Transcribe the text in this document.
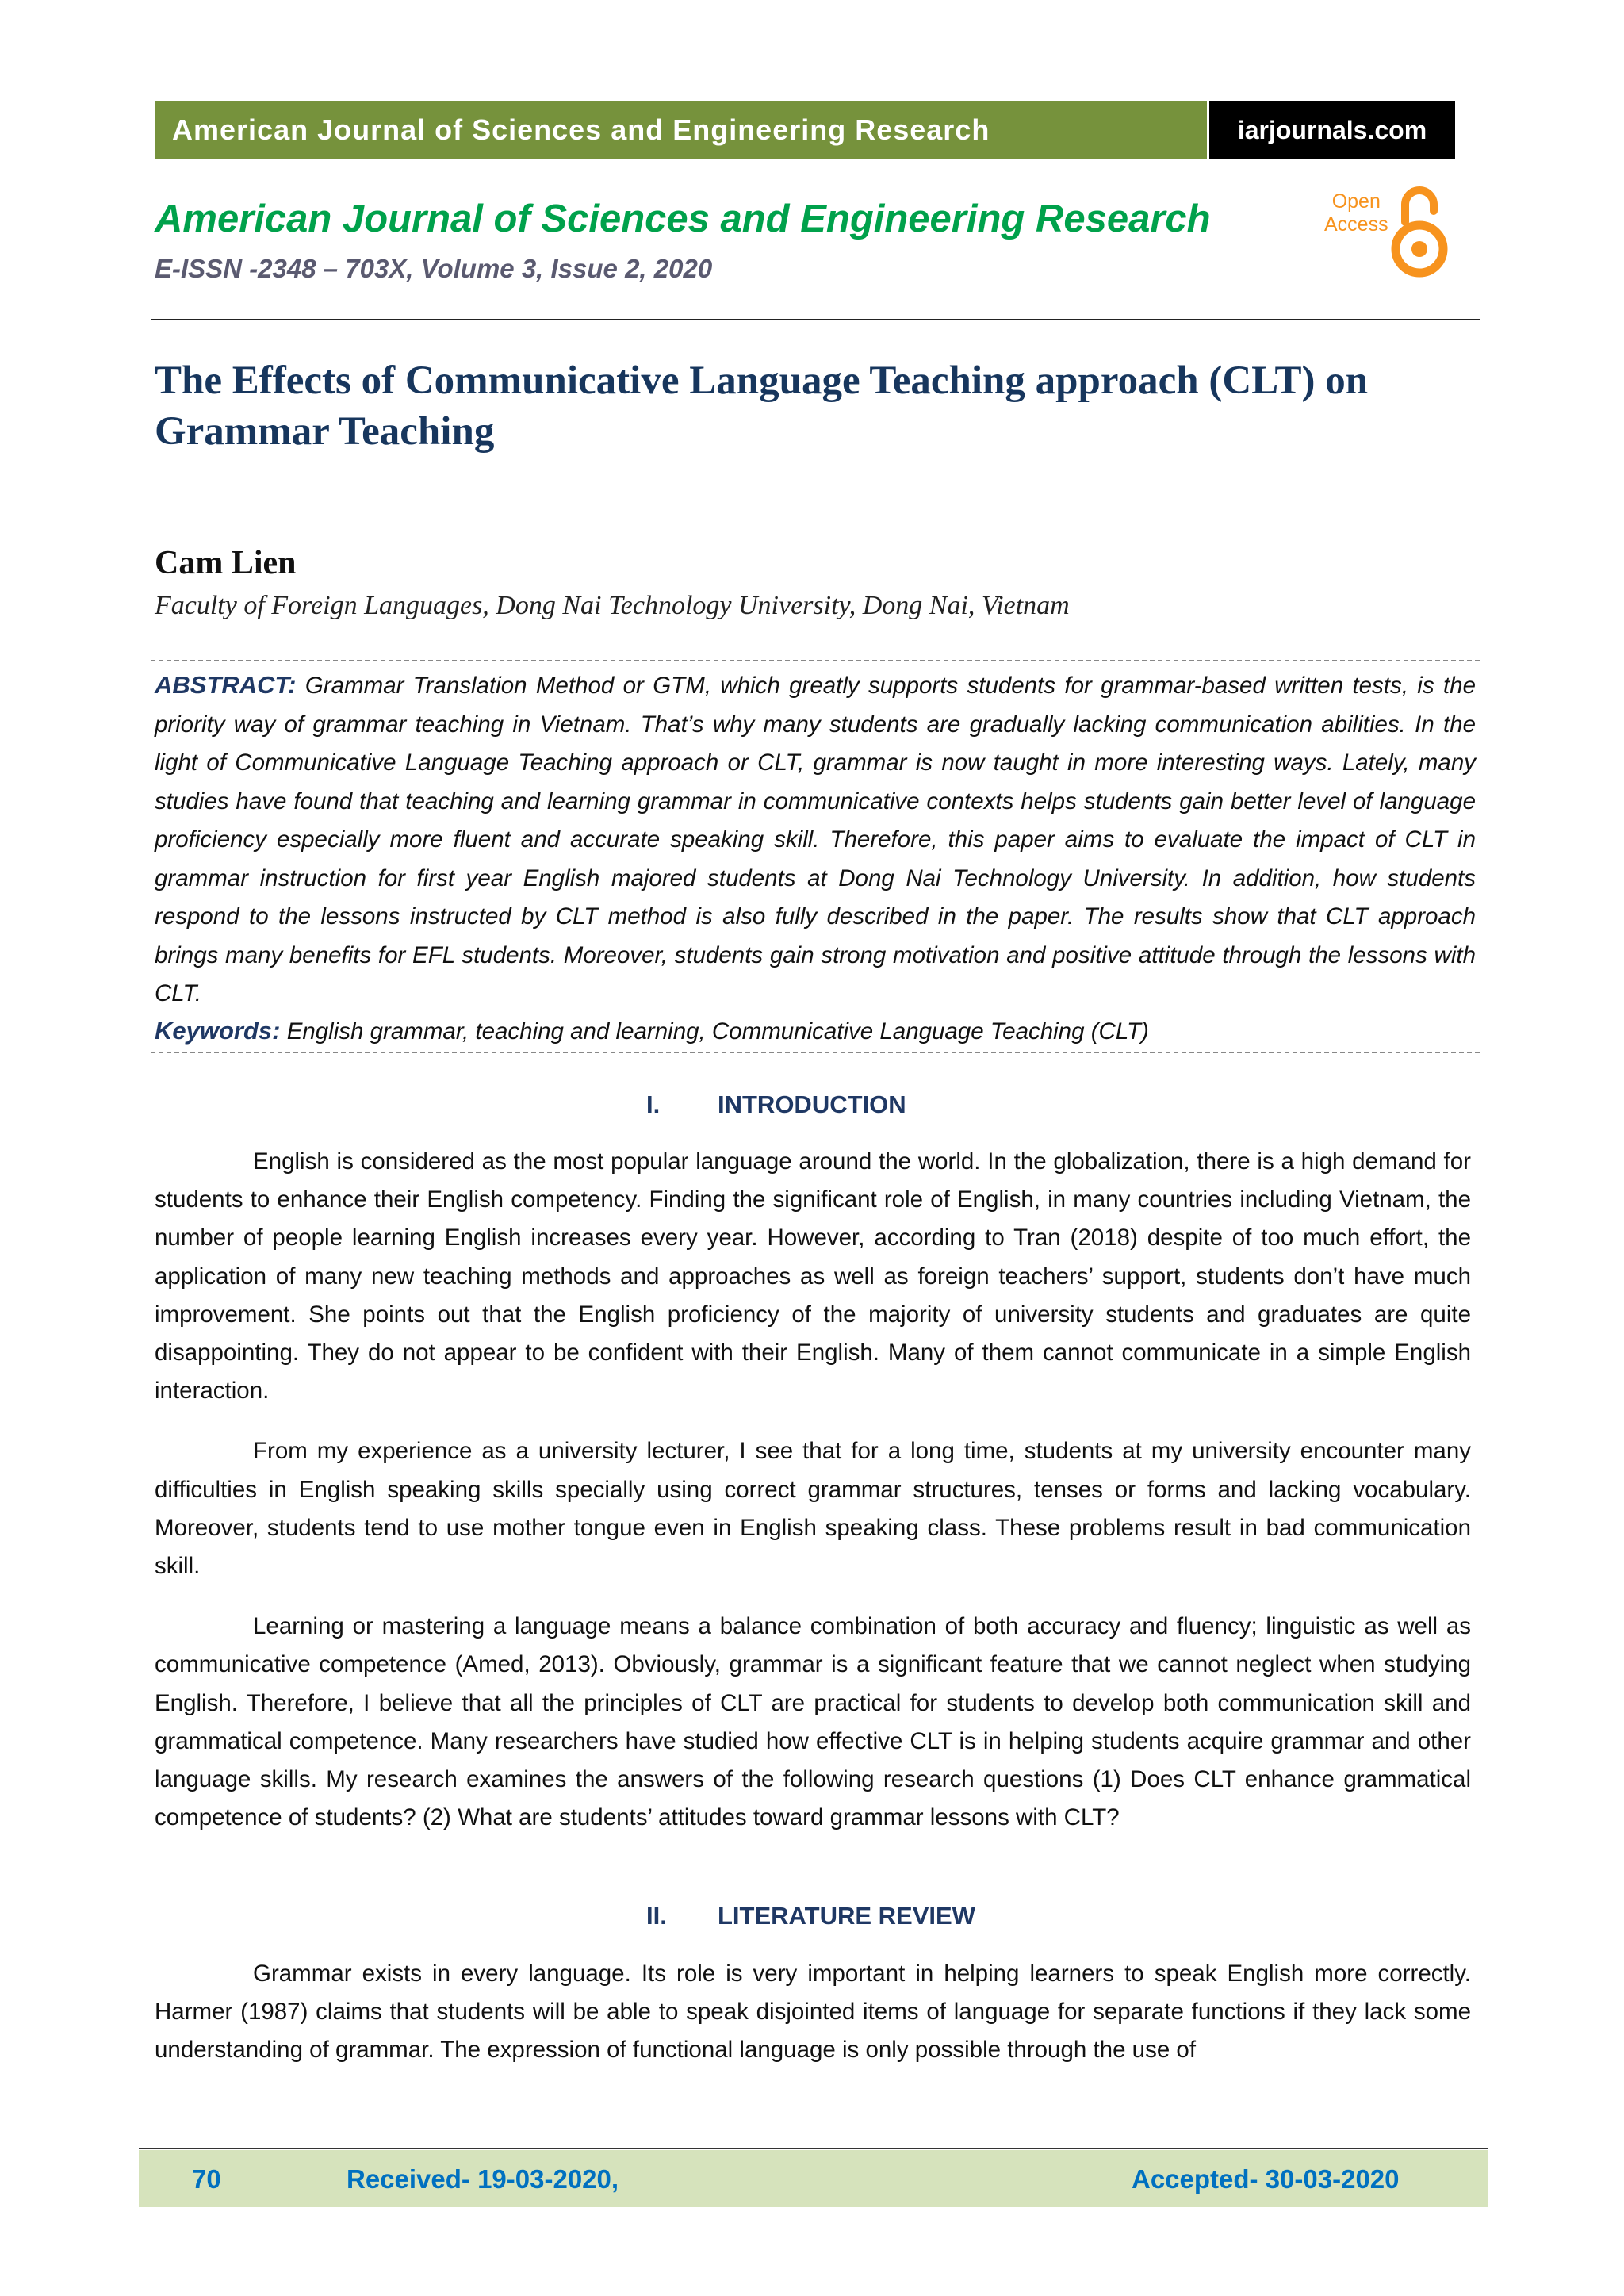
American Journal of Sciences and Engineering Research	iarjournals.com
American Journal of Sciences and Engineering Research
E-ISSN -2348 – 703X, Volume 3, Issue 2, 2020
Open
Access
The Effects of Communicative Language Teaching approach (CLT) on Grammar Teaching
Cam Lien
Faculty of Foreign Languages, Dong Nai Technology University, Dong Nai, Vietnam
ABSTRACT: Grammar Translation Method or GTM, which greatly supports students for grammar-based written tests, is the priority way of grammar teaching in Vietnam. That’s why many students are gradually lacking communication abilities. In the light of Communicative Language Teaching approach or CLT, grammar is now taught in more interesting ways. Lately, many studies have found that teaching and learning grammar in communicative contexts helps students gain better level of language proficiency especially more fluent and accurate speaking skill. Therefore, this paper aims to evaluate the impact of CLT in grammar instruction for first year English majored students at Dong Nai Technology University. In addition, how students respond to the lessons instructed by CLT method is also fully described in the paper. The results show that CLT approach brings many benefits for EFL students. Moreover, students gain strong motivation and positive attitude through the lessons with CLT.
Keywords: English grammar, teaching and learning, Communicative Language Teaching (CLT)
I. INTRODUCTION

English is considered as the most popular language around the world. In the globalization, there is a high demand for students to enhance their English competency. Finding the significant role of English, in many countries including Vietnam, the number of people learning English increases every year. However, according to Tran (2018) despite of too much effort, the application of many new teaching methods and approaches as well as foreign teachers’ support, students don’t have much improvement. She points out that the English proficiency of the majority of university students and graduates are quite disappointing. They do not appear to be confident with their English. Many of them cannot communicate in a simple English interaction.

From my experience as a university lecturer, I see that for a long time, students at my university encounter many difficulties in English speaking skills specially using correct grammar structures, tenses or forms and lacking vocabulary. Moreover, students tend to use mother tongue even in English speaking class. These problems result in bad communication skill.

Learning or mastering a language means a balance combination of both accuracy and fluency; linguistic as well as communicative competence (Amed, 2013). Obviously, grammar is a significant feature that we cannot neglect when studying English. Therefore, I believe that all the principles of CLT are practical for students to develop both communication skill and grammatical competence. Many researchers have studied how effective CLT is in helping students acquire grammar and other language skills. My research examines the answers of the following research questions (1) Does CLT enhance grammatical competence of students? (2) What are students’ attitudes toward grammar lessons with CLT?

II. LITERATURE REVIEW

Grammar exists in every language. Its role is very important in helping learners to speak English more correctly. Harmer (1987) claims that students will be able to speak disjointed items of language for separate functions if they lack some understanding of grammar. The expression of functional language is only possible through the use of

70	Received- 19-03-2020,	Accepted- 30-03-2020
